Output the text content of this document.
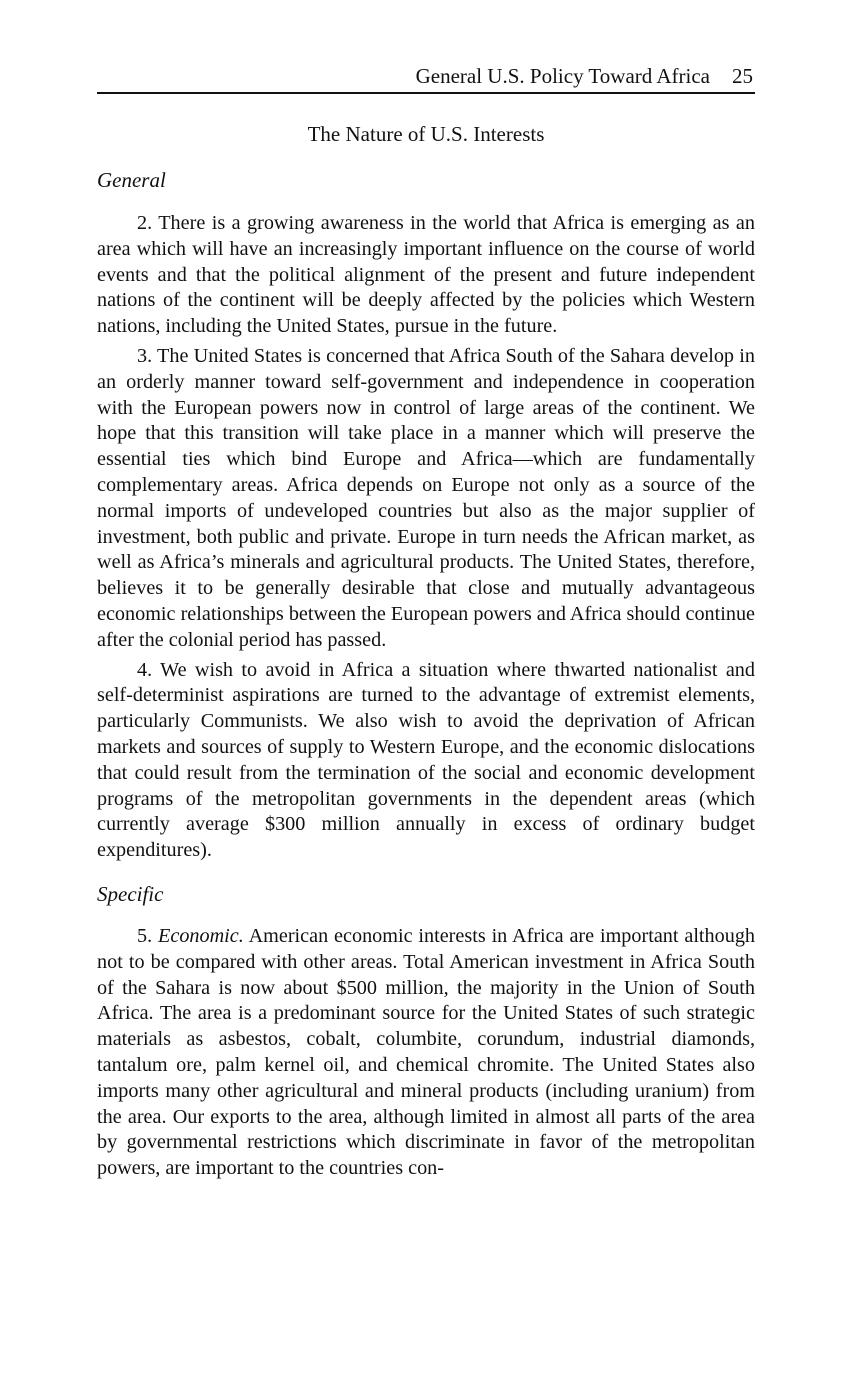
General U.S. Policy Toward Africa 25
The Nature of U.S. Interests
General

2. There is a growing awareness in the world that Africa is emerging as an area which will have an increasingly important influence on the course of world events and that the political alignment of the present and future independent nations of the continent will be deeply affected by the policies which Western nations, including the United States, pursue in the future.

3. The United States is concerned that Africa South of the Sahara develop in an orderly manner toward self-government and independence in cooperation with the European powers now in control of large areas of the continent. We hope that this transition will take place in a manner which will preserve the essential ties which bind Europe and Africa—which are fundamentally complementary areas. Africa depends on Europe not only as a source of the normal imports of undeveloped countries but also as the major supplier of investment, both public and private. Europe in turn needs the African market, as well as Africa’s minerals and agricultural products. The United States, therefore, believes it to be generally desirable that close and mutually advantageous economic relationships between the European powers and Africa should continue after the colonial period has passed.

4. We wish to avoid in Africa a situation where thwarted nationalist and self-determinist aspirations are turned to the advantage of extremist elements, particularly Communists. We also wish to avoid the deprivation of African markets and sources of supply to Western Europe, and the economic dislocations that could result from the termination of the social and economic development programs of the metropolitan governments in the dependent areas (which currently average $300 million annually in excess of ordinary budget expenditures).

Specific

5. Economic. American economic interests in Africa are important although not to be compared with other areas. Total American investment in Africa South of the Sahara is now about $500 million, the majority in the Union of South Africa. The area is a predominant source for the United States of such strategic materials as asbestos, cobalt, columbite, corundum, industrial diamonds, tantalum ore, palm kernel oil, and chemical chromite. The United States also imports many other agricultural and mineral products (including uranium) from the area. Our exports to the area, although limited in almost all parts of the area by governmental restrictions which discriminate in favor of the metropolitan powers, are important to the countries con-
